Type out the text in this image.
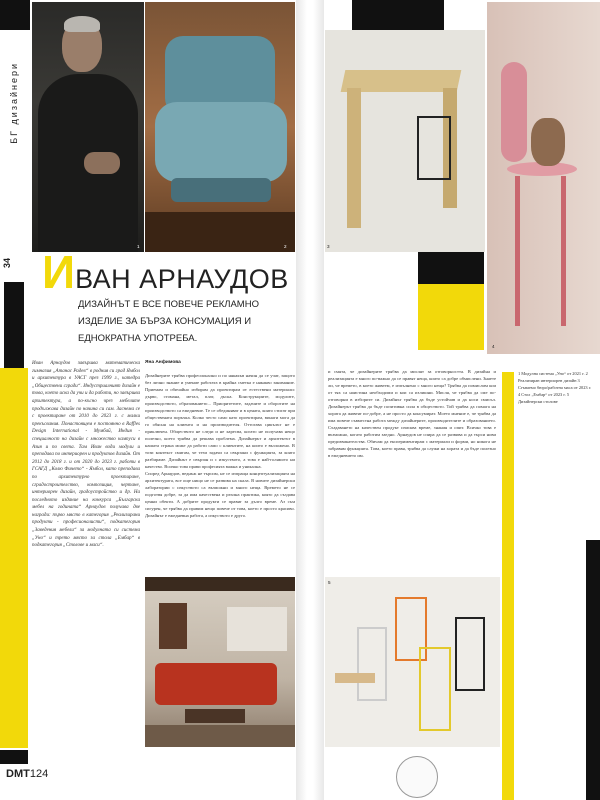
БГ дизайнери
34
1	2
ИВАН АРНАУДОВ
ДИЗАЙНЪТ Е ВСЕ ПОВЕЧЕ РЕКЛАМНО ИЗДЕЛИЕ ЗА БЪРЗА КОНСУМАЦИЯ И ЕДНОКРАТНА УПОТРЕБА.
Иван Арнаудов завършва математическа гимназия „Атанас Радев“ в родния си град Ямбол и архитектура в УАСГ през 1999 г., катедра „Обществени сгради“. Индустриалният дизайн е това, което иска да учи и да работи, но завършва архитектура, а по-късно чрез мебелите продължава дизайн по начина си сам. Заснема се с проектиране от 2010 до 2023 г. с малки прекъсвания. Понастоящем е постоянно в Raffles Design International - Мумбай, Индия - специалност на дизайн с множество кампуси в Азия и по света. Там Иван води модули и преподава по интериорен и продуктов дизайн. От 2012 до 2018 г. и от 2020 до 2023 г. работи в ГСАГД „Колю Фичето“ - Ямбол, като преподава по архитектурно проектиране, сградостроителство, композиция, чертане, интериорен дизайн, градоустройство и др. На последното издание на конкурса „Българска мебел на годината“ Арнаудов получава две награди: първо място в категория „Реализирани продукти - професионалисти“, подкатегория „Заведения мебели“ за модулната си система „Уно“ и трето място за стола „Ембар“ в подкатегория „Столове и маси“.
Яна Анфимова
Дизайнерите трябва професионално и по някакъв начин да се учат, защото без лично знание и умение работата в крайна сметка е някакво занимание. Приемам и обичайно избирам да проектирам от естествени материали: дърво, стомана, метал, плат, дъска. Конструкциите, модулите, производството, образованието... Приоритетите, задачите и оборотите на производството са ежедневие. Те се обединяват и в цената, която стигат при обществената поръчка. Колко често само като проектирам, винаги мога да го обясня на клиента и на производителя. Оттогава цикълът не е приключен. Обществото не следи и не харесва, когато не получава нещо полезно, което трябва да решава проблема. Дизайнерът и архитектът в нашата страна може да работи само с клиентите, на които е възложено. В този контекст смятам, че тези задачи са свързани с функцията, за която разбираме. Дизайнът е свързан и с изкуството, а това е най-голямото ни качество. Всичко това прави професията важна и уникална.
Според Арнаудов, веднъж не търсим, не се изпраща концептуализацията на архитектурата, все още нищо не се развива на скала. В новите дизайнерски лаборатории с изкуството са възможни и много неща. Времето не се подготвя добре, за да има качествена и реална практика, която да създава ценни обекти. А добрите продукти се правят за дълго време. Аз съм сигурен, че трябва да правим нещо повече от това, което е просто красиво. Дизайнът е ежедневна работа, а изкуството е друго.
3
4
и смята, че дизайнерите трябва да мислят за отговорността. В дизайна и реализацията е много по-важно да се правят неща, които са добре обмислени. Знаете ли, че времето, в което живеем, е изпълнено с много неща? Трябва да помислим кои от тях са наистина необходими и кои са излишни. Мисля, че трябва да сме по-отговорни в изборите си. Дизайнът трябва да бъде устойчив и да носи смисъл. Дизайнерът трябва да бъде позитивна сила в обществото. Той трябва да помага на хората да живеят по-добре, а не просто да консумират. Моето мнение е, че трябва да има повече съвместна работа между дизайнерите, производителите и образованието. Създаването на качествен продукт изисква време, знания и опит. Всичко това е възможно, когато работим заедно. Арнаудов не спира да се развива и да търси нови предизвикателства. Обичам да експериментирам с материали и форми, но никога не забравям функцията. Това, което правя, трябва да служи на хората и да бъде полезно в ежедневието им.
1 Модулна система „Уно“ от 2021 г. 2 Реализиран интериорен дизайн 3 Сгъваемо бюро/работна маса от 2023 г. 4 Стол „Ембар“ от 2023 г. 5 Дизайнерски столове
5
DMT124
